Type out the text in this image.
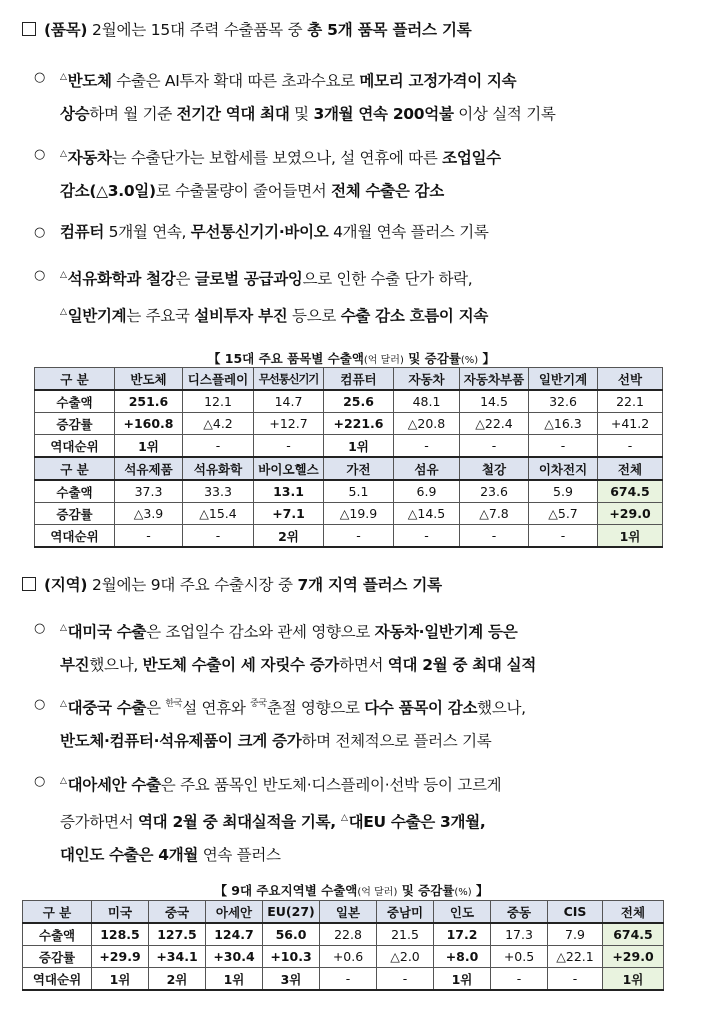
(품목) 2월에는 15대 주력 수출품목 중 총 5개 품목 플러스 기록
○ △반도체 수출은 AI투자 확대 따른 초과수요로 메모리 고정가격이 지속
상승하며 월 기준 전기간 역대 최대 및 3개월 연속 200억불 이상 실적 기록
○ △자동차는 수출단가는 보합세를 보였으나, 설 연휴에 따른 조업일수
감소(△3.0일)로 수출물량이 줄어들면서 전체 수출은 감소
○ 컴퓨터 5개월 연속, 무선통신기기·바이오 4개월 연속 플러스 기록
○ △석유화학과 철강은 글로벌 공급과잉으로 인한 수출 단가 하락,
△일반기계는 주요국 설비투자 부진 등으로 수출 감소 흐름이 지속
【 15대 주요 품목별 수출액(억 달러) 및 증감률(%) 】
구 분	반도체	디스플레이	무선통신기기	컴퓨터	자동차	자동차부품	일반기계	선박
수출액	251.6	12.1	14.7	25.6	48.1	14.5	32.6	22.1
증감률	+160.8	△4.2	+12.7	+221.6	△20.8	△22.4	△16.3	+41.2
역대순위	1위	-	-	1위	-	-	-	-
구 분	석유제품	석유화학	바이오헬스	가전	섬유	철강	이차전지	전체
수출액	37.3	33.3	13.1	5.1	6.9	23.6	5.9	674.5
증감률	△3.9	△15.4	+7.1	△19.9	△14.5	△7.8	△5.7	+29.0
역대순위	-	-	2위	-	-	-	-	1위
(지역) 2월에는 9대 주요 수출시장 중 7개 지역 플러스 기록
○ △대미국 수출은 조업일수 감소와 관세 영향으로 자동차·일반기계 등은
부진했으나, 반도체 수출이 세 자릿수 증가하면서 역대 2월 중 최대 실적
○ △대중국 수출은 $^{한국}$설 연휴와 $^{중국}$춘절 영향으로 다수 품목이 감소했으나,
반도체·컴퓨터·석유제품이 크게 증가하며 전체적으로 플러스 기록
○ △대아세안 수출은 주요 품목인 반도체·디스플레이·선박 등이 고르게
증가하면서 역대 2월 중 최대실적을 기록, △대EU 수출은 3개월,
대인도 수출은 4개월 연속 플러스
【 9대 주요지역별 수출액(억 달러) 및 증감률(%) 】
구 분	미국	중국	아세안	EU(27)	일본	중남미	인도	중동	CIS	전체
수출액	128.5	127.5	124.7	56.0	22.8	21.5	17.2	17.3	7.9	674.5
증감률	+29.9	+34.1	+30.4	+10.3	+0.6	△2.0	+8.0	+0.5	△22.1	+29.0
역대순위	1위	2위	1위	3위	-	-	1위	-	-	1위
